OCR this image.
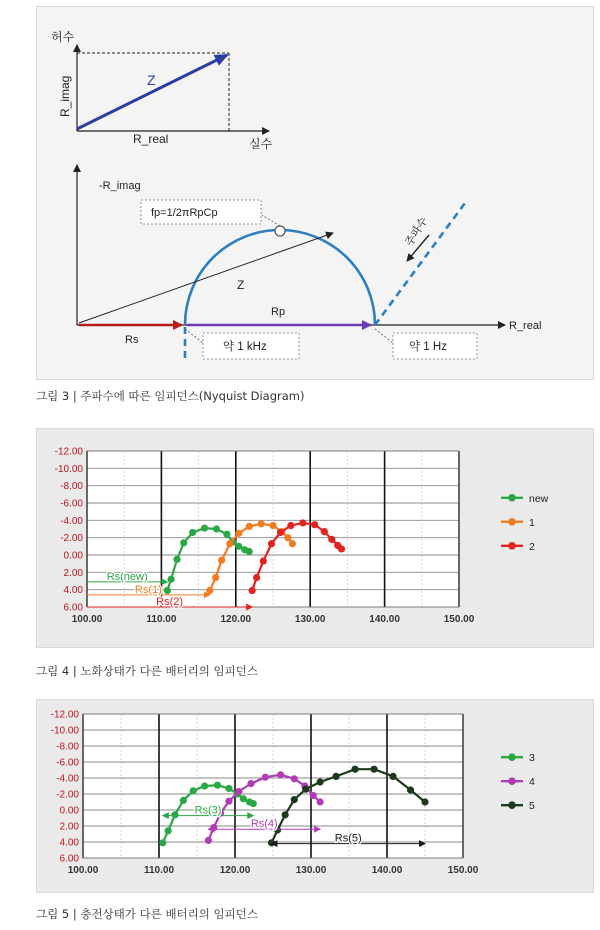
허수
실수
Z
R_imag
R_real
-R_imag
R_real
fp=1/2πRpCp
Z
Rs
Rp
주파수
약 1 kHz	약 1 Hz
그림 3 | 주파수에 따른 임피던스(Nyquist Diagram)
-12.00
-10.00
-8.00
-6.00
-4.00
-2.00
0.00
2.00
4.00
6.00
100.00	110.00	120.00	130.00	140.00	150.00
Rs(new)
Rs(1)
Rs(2)
new
1
2
그림 4 | 노화상태가 다른 배터리의 임피던스
-12.00
-10.00
-8.00
-6.00
-4.00
-2.00
0.00
2.00
4.00
6.00
100.00	110.00	120.00	130.00	140.00	150.00
Rs(3)
Rs(4)
Rs(5)
3
4
5
그림 5 | 충전상태가 다른 배터리의 임피던스
